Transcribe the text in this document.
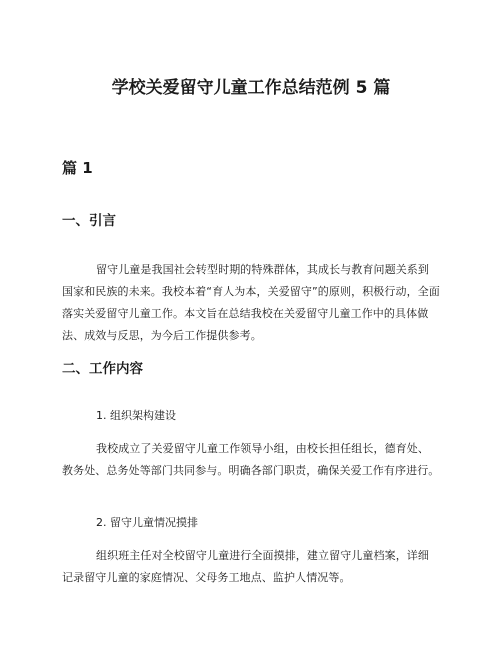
学校关爱留守儿童工作总结范例 5 篇
篇 1
一、引言
留守儿童是我国社会转型时期的特殊群体，其成长与教育问题关系到国家和民族的未来。我校本着“育人为本，关爱留守”的原则，积极行动，全面落实关爱留守儿童工作。本文旨在总结我校在关爱留守儿童工作中的具体做法、成效与反思，为今后工作提供参考。
二、工作内容
1. 组织架构建设
我校成立了关爱留守儿童工作领导小组，由校长担任组长，德育处、教务处、总务处等部门共同参与。明确各部门职责，确保关爱工作有序进行。
2. 留守儿童情况摸排
组织班主任对全校留守儿童进行全面摸排，建立留守儿童档案，详细记录留守儿童的家庭情况、父母务工地点、监护人情况等。
